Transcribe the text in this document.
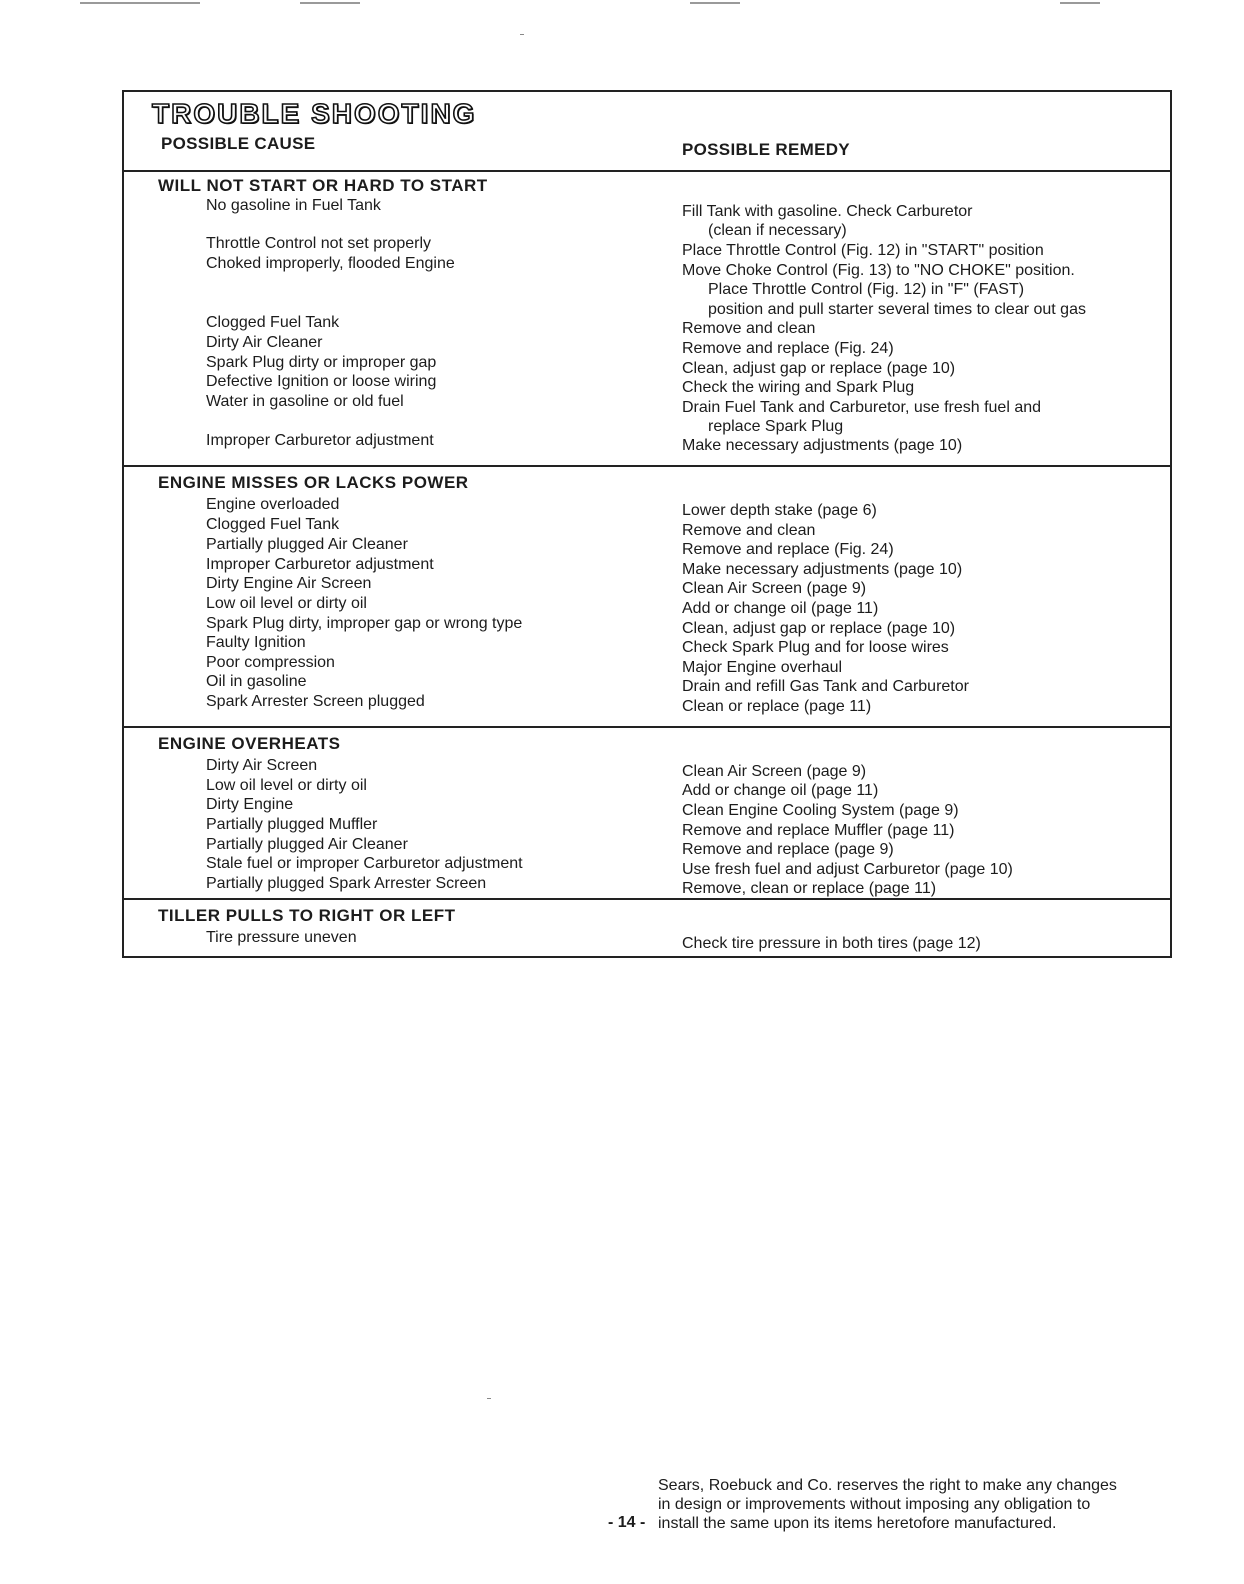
TROUBLE SHOOTING
POSSIBLE CAUSE	POSSIBLE REMEDY
WILL NOT START OR HARD TO START
No gasoline in Fuel Tank
Throttle Control not set properly
Choked improperly, flooded Engine
Clogged Fuel Tank
Dirty Air Cleaner
Spark Plug dirty or improper gap
Defective Ignition or loose wiring
Water in gasoline or old fuel
Improper Carburetor adjustment
Fill Tank with gasoline. Check Carburetor
(clean if necessary)
Place Throttle Control (Fig. 12) in "START" position
Move Choke Control (Fig. 13) to "NO CHOKE" position.
Place Throttle Control (Fig. 12) in "F" (FAST)
position and pull starter several times to clear out gas
Remove and clean
Remove and replace (Fig. 24)
Clean, adjust gap or replace (page 10)
Check the wiring and Spark Plug
Drain Fuel Tank and Carburetor, use fresh fuel and
replace Spark Plug
Make necessary adjustments (page 10)
ENGINE MISSES OR LACKS POWER
Engine overloaded
Clogged Fuel Tank
Partially plugged Air Cleaner
Improper Carburetor adjustment
Dirty Engine Air Screen
Low oil level or dirty oil
Spark Plug dirty, improper gap or wrong type
Faulty Ignition
Poor compression
Oil in gasoline
Spark Arrester Screen plugged
Lower depth stake (page 6)
Remove and clean
Remove and replace (Fig. 24)
Make necessary adjustments (page 10)
Clean Air Screen (page 9)
Add or change oil (page 11)
Clean, adjust gap or replace (page 10)
Check Spark Plug and for loose wires
Major Engine overhaul
Drain and refill Gas Tank and Carburetor
Clean or replace (page 11)
ENGINE OVERHEATS
Dirty Air Screen
Low oil level or dirty oil
Dirty Engine
Partially plugged Muffler
Partially plugged Air Cleaner
Stale fuel or improper Carburetor adjustment
Partially plugged Spark Arrester Screen
Clean Air Screen (page 9)
Add or change oil (page 11)
Clean Engine Cooling System (page 9)
Remove and replace Muffler (page 11)
Remove and replace (page 9)
Use fresh fuel and adjust Carburetor (page 10)
Remove, clean or replace (page 11)
TILLER PULLS TO RIGHT OR LEFT
Tire pressure uneven	Check tire pressure in both tires (page 12)
Sears, Roebuck and Co. reserves the right to make any changes
in design or improvements without imposing any obligation to
install the same upon its items heretofore manufactured.
- 14 -
